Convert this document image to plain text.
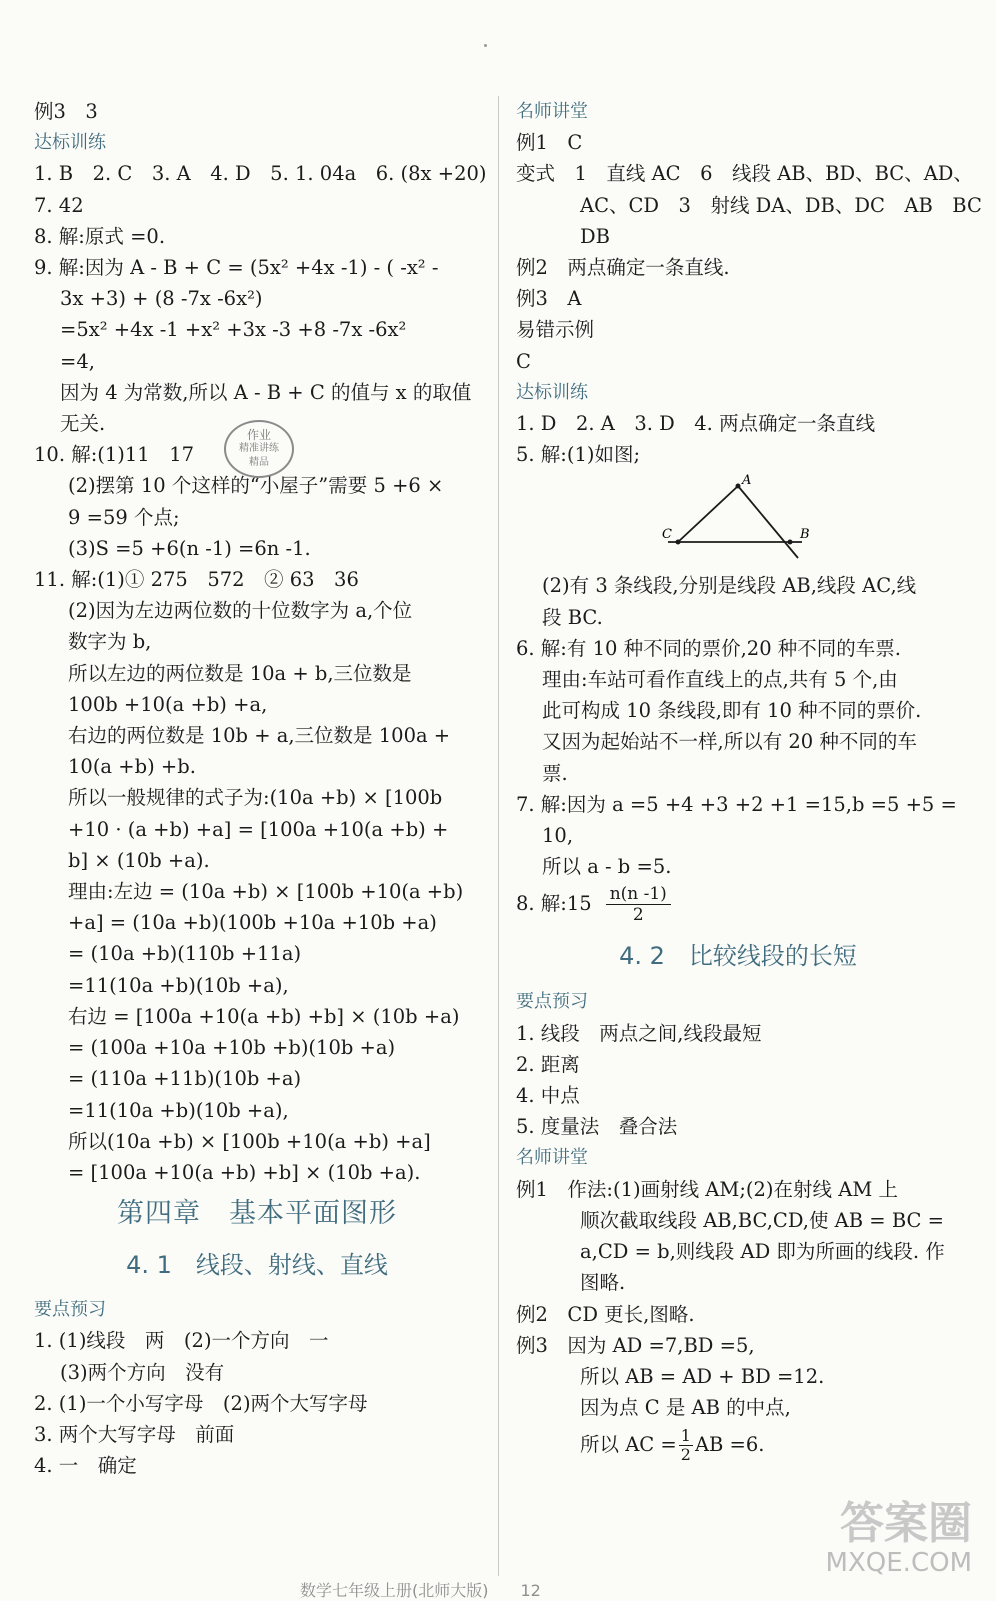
例3　3
达标训练
1. B　2. C　3. A　4. D　5. 1. 04a　6. (8x +20)
7. 42
8. 解:原式 =0.
9. 解:因为 A - B + C = (5x² +4x -1) - ( -x² -
3x +3) + (8 -7x -6x²)
=5x² +4x -1 +x² +3x -3 +8 -7x -6x²
=4,
因为 4 为常数,所以 A - B + C 的值与 x 的取值
无关.
10. 解:(1)11　17
(2)摆第 10 个这样的“小屋子”需要 5 +6 ×
9 =59 个点;
(3)S =5 +6(n -1) =6n -1.
11. 解:(1)① 275　572　② 63　36
(2)因为左边两位数的十位数字为 a,个位
数字为 b,
所以左边的两位数是 10a + b,三位数是
100b +10(a +b) +a,
右边的两位数是 10b + a,三位数是 100a +
10(a +b) +b.
所以一般规律的式子为:(10a +b) × [100b
+10 · (a +b) +a] = [100a +10(a +b) +
b] × (10b +a).
理由:左边 = (10a +b) × [100b +10(a +b)
+a] = (10a +b)(100b +10a +10b +a)
= (10a +b)(110b +11a)
=11(10a +b)(10b +a),
右边 = [100a +10(a +b) +b] × (10b +a)
= (100a +10a +10b +b)(10b +a)
= (110a +11b)(10b +a)
=11(10a +b)(10b +a),
所以(10a +b) × [100b +10(a +b) +a]
= [100a +10(a +b) +b] × (10b +a).
第四章　基本平面图形
4. 1　线段、射线、直线
要点预习
1. (1)线段　两　(2)一个方向　一
(3)两个方向　没有
2. (1)一个小写字母　(2)两个大写字母
3. 两个大写字母　前面
4. 一　确定
作业
精准讲练
精品
名师讲堂
例1　C
变式　1　直线 AC　6　线段 AB、BD、BC、AD、
AC、CD　3　射线 DA、DB、DC　AB　BC
DB
例2　两点确定一条直线.
例3　A
易错示例
C
达标训练
1. D　2. A　3. D　4. 两点确定一条直线
5. 解:(1)如图;
A
C	B
(2)有 3 条线段,分别是线段 AB,线段 AC,线
段 BC.
6. 解:有 10 种不同的票价,20 种不同的车票.
理由:车站可看作直线上的点,共有 5 个,由
此可构成 10 条线段,即有 10 种不同的票价.
又因为起始站不一样,所以有 20 种不同的车
票.
7. 解:因为 a =5 +4 +3 +2 +1 =15,b =5 +5 =
10,
所以 a - b =5.
8. 解:15 $\frac{n(n -1)}{2}$
4. 2　比较线段的长短
要点预习
1. 线段　两点之间,线段最短
2. 距离
4. 中点
5. 度量法　叠合法
名师讲堂
例1　作法:(1)画射线 AM;(2)在射线 AM 上
顺次截取线段 AB,BC,CD,使 AB = BC =
a,CD = b,则线段 AD 即为所画的线段. 作
图略.
例2　CD 更长,图略.
例3　因为 AD =7,BD =5,
所以 AB = AD + BD =12.
因为点 C 是 AB 的中点,
所以 AC = $\frac{1}{2}$ AB =6.
答案圈
MXQE.COM
数学七年级上册(北师大版)　　12
